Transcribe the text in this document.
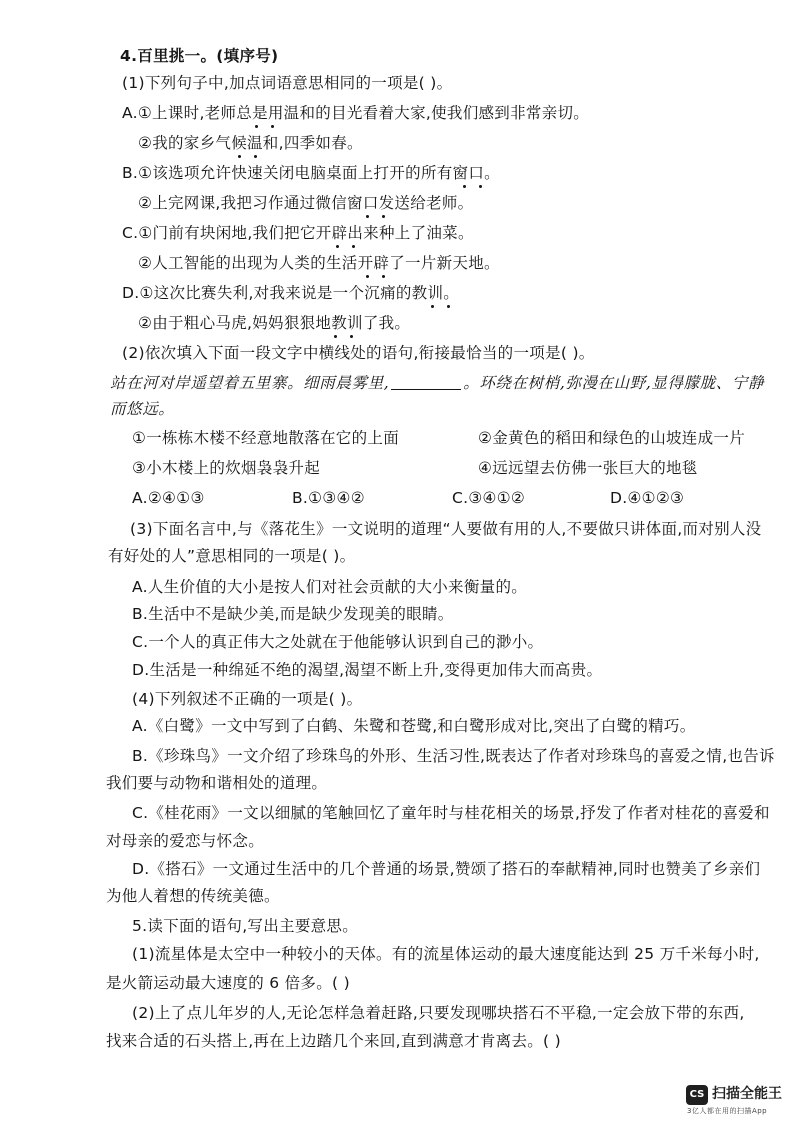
4.百里挑一。(填序号)
(1)下列句子中,加点词语意思相同的一项是( )。
A.①上课时,老师总是用温和的目光看着大家,使我们感到非常亲切。
②我的家乡气候温和,四季如春。
B.①该选项允许快速关闭电脑桌面上打开的所有窗口。
②上完网课,我把习作通过微信窗口发送给老师。
C.①门前有块闲地,我们把它开辟出来种上了油菜。
②人工智能的出现为人类的生活开辟了一片新天地。
D.①这次比赛失利,对我来说是一个沉痛的教训。
②由于粗心马虎,妈妈狠狠地教训了我。
(2)依次填入下面一段文字中横线处的语句,衔接最恰当的一项是( )。
站在河对岸遥望着五里寨。细雨晨雾里,	。环绕在树梢,弥漫在山野,显得朦胧、宁静
而悠远。
①一栋栋木楼不经意地散落在它的上面	②金黄色的稻田和绿色的山坡连成一片
③小木楼上的炊烟袅袅升起	④远远望去仿佛一张巨大的地毯
A.②④①③	B.①③④②	C.③④①②	D.④①②③
(3)下面名言中,与《落花生》一文说明的道理“人要做有用的人,不要做只讲体面,而对别人没
有好处的人”意思相同的一项是( )。
A.人生价值的大小是按人们对社会贡献的大小来衡量的。
B.生活中不是缺少美,而是缺少发现美的眼睛。
C.一个人的真正伟大之处就在于他能够认识到自己的渺小。
D.生活是一种绵延不绝的渴望,渴望不断上升,变得更加伟大而高贵。
(4)下列叙述不正确的一项是( )。
A.《白鹭》一文中写到了白鹤、朱鹭和苍鹭,和白鹭形成对比,突出了白鹭的精巧。
B.《珍珠鸟》一文介绍了珍珠鸟的外形、生活习性,既表达了作者对珍珠鸟的喜爱之情,也告诉
我们要与动物和谐相处的道理。
C.《桂花雨》一文以细腻的笔触回忆了童年时与桂花相关的场景,抒发了作者对桂花的喜爱和
对母亲的爱恋与怀念。
D.《搭石》一文通过生活中的几个普通的场景,赞颂了搭石的奉献精神,同时也赞美了乡亲们
为他人着想的传统美德。
5.读下面的语句,写出主要意思。
(1)流星体是太空中一种较小的天体。有的流星体运动的最大速度能达到 25 万千米每小时,
是火箭运动最大速度的 6 倍多。( )
(2)上了点儿年岁的人,无论怎样急着赶路,只要发现哪块搭石不平稳,一定会放下带的东西,
找来合适的石头搭上,再在上边踏几个来回,直到满意才肯离去。( )
CS 扫描全能王
3亿人都在用的扫描App
